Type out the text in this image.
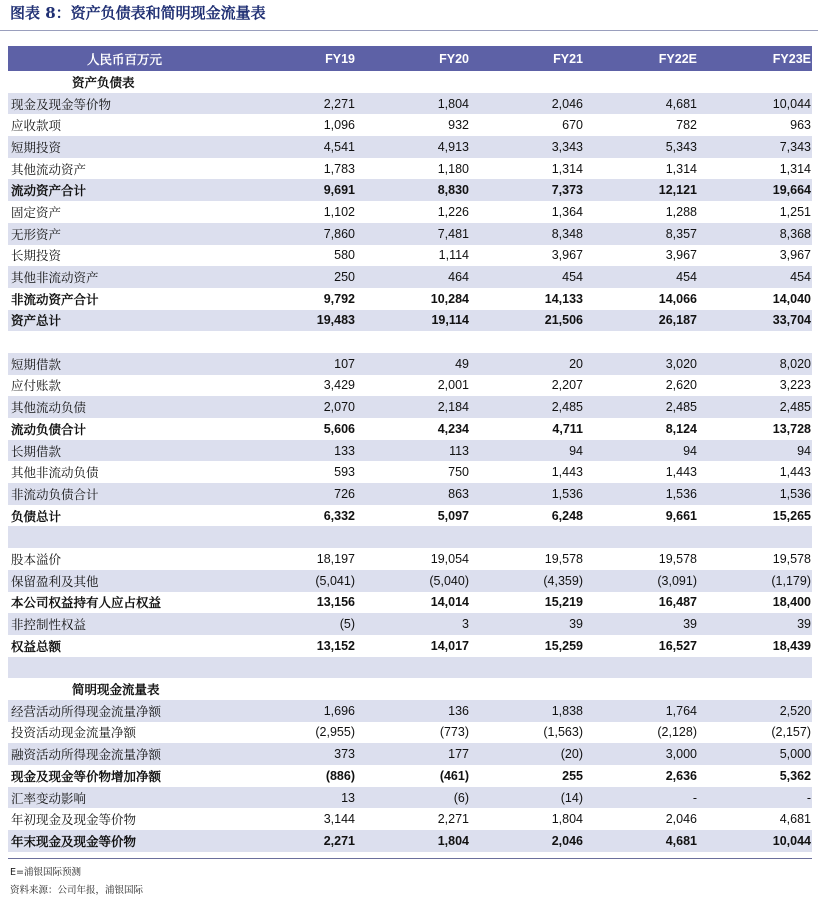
图表 8：资产负债表和简明现金流量表
人民币百万元	FY19	FY20	FY21	FY22E	FY23E
资产负债表
现金及现金等价物	2,271	1,804	2,046	4,681	10,044
应收款项	1,096	932	670	782	963
短期投资	4,541	4,913	3,343	5,343	7,343
其他流动资产	1,783	1,180	1,314	1,314	1,314
流动资产合计	9,691	8,830	7,373	12,121	19,664
固定资产	1,102	1,226	1,364	1,288	1,251
无形资产	7,860	7,481	8,348	8,357	8,368
长期投资	580	1,114	3,967	3,967	3,967
其他非流动资产	250	464	454	454	454
非流动资产合计	9,792	10,284	14,133	14,066	14,040
资产总计	19,483	19,114	21,506	26,187	33,704
短期借款	107	49	20	3,020	8,020
应付账款	3,429	2,001	2,207	2,620	3,223
其他流动负债	2,070	2,184	2,485	2,485	2,485
流动负债合计	5,606	4,234	4,711	8,124	13,728
长期借款	133	113	94	94	94
其他非流动负债	593	750	1,443	1,443	1,443
非流动负债合计	726	863	1,536	1,536	1,536
负债总计	6,332	5,097	6,248	9,661	15,265
股本溢价	18,197	19,054	19,578	19,578	19,578
保留盈利及其他	(5,041)	(5,040)	(4,359)	(3,091)	(1,179)
本公司权益持有人应占权益	13,156	14,014	15,219	16,487	18,400
非控制性权益	(5)	3	39	39	39
权益总额	13,152	14,017	15,259	16,527	18,439
简明现金流量表
经营活动所得现金流量净额	1,696	136	1,838	1,764	2,520
投资活动现金流量净额	(2,955)	(773)	(1,563)	(2,128)	(2,157)
融资活动所得现金流量净额	373	177	(20)	3,000	5,000
现金及现金等价物增加净额	(886)	(461)	255	2,636	5,362
汇率变动影响	13	(6)	(14)	-	-
年初现金及现金等价物	3,144	2,271	1,804	2,046	4,681
年末现金及现金等价物	2,271	1,804	2,046	4,681	10,044
E=浦银国际预测
资料来源：公司年报，浦银国际
